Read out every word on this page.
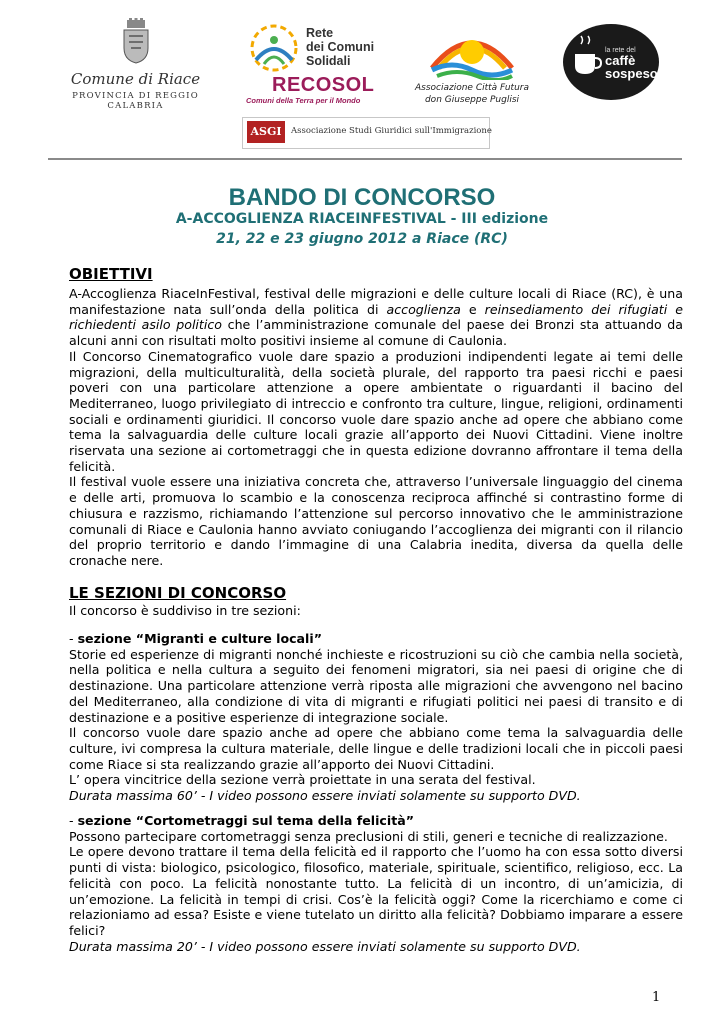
Comune di Riace
PROVINCIA DI REGGIO CALABRIA
Rete
dei Comuni
Solidali
RECOSOL
Comuni della Terra per il Mondo
Associazione Città Futura
don Giuseppe Puglisi
la rete del
caffè
sospeso
ASGI	Associazione Studi Giuridici sull'Immigrazione
BANDO DI CONCORSO
A-ACCOGLIENZA RIACEINFESTIVAL - III edizione
21, 22 e 23 giugno 2012 a Riace (RC)
OBIETTIVI
A-Accoglienza RiaceInFestival, festival delle migrazioni e delle culture locali di Riace (RC), è una manifestazione nata sull’onda della politica di accoglienza e reinsediamento dei rifugiati e richiedenti asilo politico che l’amministrazione comunale del paese dei Bronzi sta attuando da alcuni anni con risultati molto positivi insieme al comune di Caulonia.
Il Concorso Cinematografico vuole dare spazio a produzioni indipendenti legate ai temi delle migrazioni, della multiculturalità, della società plurale, del rapporto tra paesi ricchi e paesi poveri con una particolare attenzione a opere ambientate o riguardanti il bacino del Mediterraneo, luogo privilegiato di intreccio e confronto tra culture, lingue, religioni, ordinamenti sociali e ordinamenti giuridici. Il concorso vuole dare spazio anche ad opere che abbiano come tema la salvaguardia delle culture locali grazie all’apporto dei Nuovi Cittadini. Viene inoltre riservata una sezione ai cortometraggi che in questa edizione dovranno affrontare il tema della felicità.
Il festival vuole essere una iniziativa concreta che, attraverso l’universale linguaggio del cinema e delle arti, promuova lo scambio e la conoscenza reciproca affinché si contrastino forme di chiusura e razzismo, richiamando l’attenzione sul percorso innovativo che le amministrazione comunali di Riace e Caulonia hanno avviato coniugando l’accoglienza dei migranti con il rilancio del proprio territorio e dando l’immagine di una Calabria inedita, diversa da quella delle cronache nere.
LE SEZIONI DI CONCORSO
Il concorso è suddiviso in tre sezioni:
- sezione “Migranti e culture locali”
Storie ed esperienze di migranti nonché inchieste e ricostruzioni su ciò che cambia nella società, nella politica e nella cultura a seguito dei fenomeni migratori, sia nei paesi di origine che di destinazione. Una particolare attenzione verrà riposta alle migrazioni che avvengono nel bacino del Mediterraneo, alla condizione di vita di migranti e rifugiati politici nei paesi di transito e di destinazione e a positive esperienze di integrazione sociale.
Il concorso vuole dare spazio anche ad opere che abbiano come tema la salvaguardia delle culture, ivi compresa la cultura materiale, delle lingue e delle tradizioni locali che in piccoli paesi come Riace si sta realizzando grazie all’apporto dei Nuovi Cittadini.
L’ opera vincitrice della sezione verrà proiettate in una serata del festival.
Durata massima 60’ - I video possono essere inviati solamente su supporto DVD.
- sezione “Cortometraggi sul tema della felicità”
Possono partecipare cortometraggi senza preclusioni di stili, generi e tecniche di realizzazione.
Le opere devono trattare il tema della felicità ed il rapporto che l’uomo ha con essa sotto diversi punti di vista: biologico, psicologico, filosofico, materiale, spirituale, scientifico, religioso, ecc. La felicità con poco. La felicità nonostante tutto. La felicità di un incontro, di un’amicizia, di un’emozione. La felicità in tempi di crisi. Cos’è la felicità oggi? Come la ricerchiamo e come ci relazioniamo ad essa? Esiste e viene tutelato un diritto alla felicità? Dobbiamo imparare a essere felici?
Durata massima 20’ - I video possono essere inviati solamente su supporto DVD.
1
